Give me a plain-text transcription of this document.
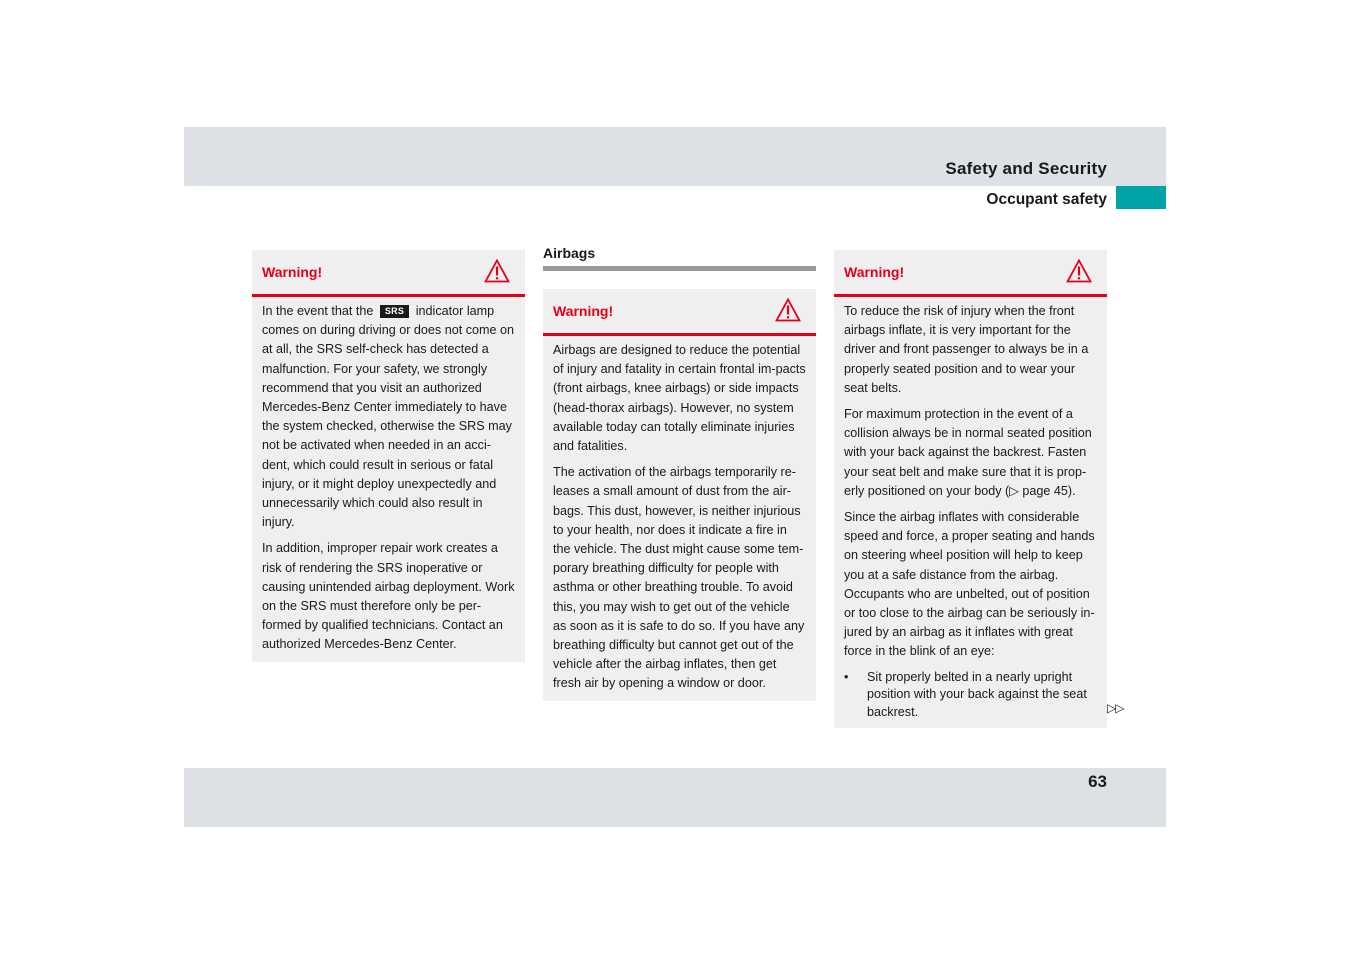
Safety and Security
Occupant safety
Warning!

In the event that the SRS indicator lamp comes on during driving or does not come on at all, the SRS self-check has detected a malfunction. For your safety, we strongly recommend that you visit an authorized Mercedes-Benz Center immediately to have the system checked, otherwise the SRS may not be activated when needed in an acci-dent, which could result in serious or fatal injury, or it might deploy unexpectedly and unnecessarily which could also result in injury.

In addition, improper repair work creates a risk of rendering the SRS inoperative or causing unintended airbag deployment. Work on the SRS must therefore only be per-formed by qualified technicians. Contact an authorized Mercedes-Benz Center.

Airbags
Warning!

Airbags are designed to reduce the potential of injury and fatality in certain frontal im-pacts (front airbags, knee airbags) or side impacts (head-thorax airbags). However, no system available today can totally eliminate injuries and fatalities.

The activation of the airbags temporarily re-leases a small amount of dust from the air-bags. This dust, however, is neither injurious to your health, nor does it indicate a fire in the vehicle. The dust might cause some tem-porary breathing difficulty for people with asthma or other breathing trouble. To avoid this, you may wish to get out of the vehicle as soon as it is safe to do so. If you have any breathing difficulty but cannot get out of the vehicle after the airbag inflates, then get fresh air by opening a window or door.

Warning!

To reduce the risk of injury when the front airbags inflate, it is very important for the driver and front passenger to always be in a properly seated position and to wear your seat belts.

For maximum protection in the event of a collision always be in normal seated position with your back against the backrest. Fasten your seat belt and make sure that it is prop-erly positioned on your body (▷ page 45).

Since the airbag inflates with considerable speed and force, a proper seating and hands on steering wheel position will help to keep you at a safe distance from the airbag. Occupants who are unbelted, out of position or too close to the airbag can be seriously in-jured by an airbag as it inflates with great force in the blink of an eye:

•	Sit properly belted in a nearly upright position with your back against the seat backrest.	▷▷
63
